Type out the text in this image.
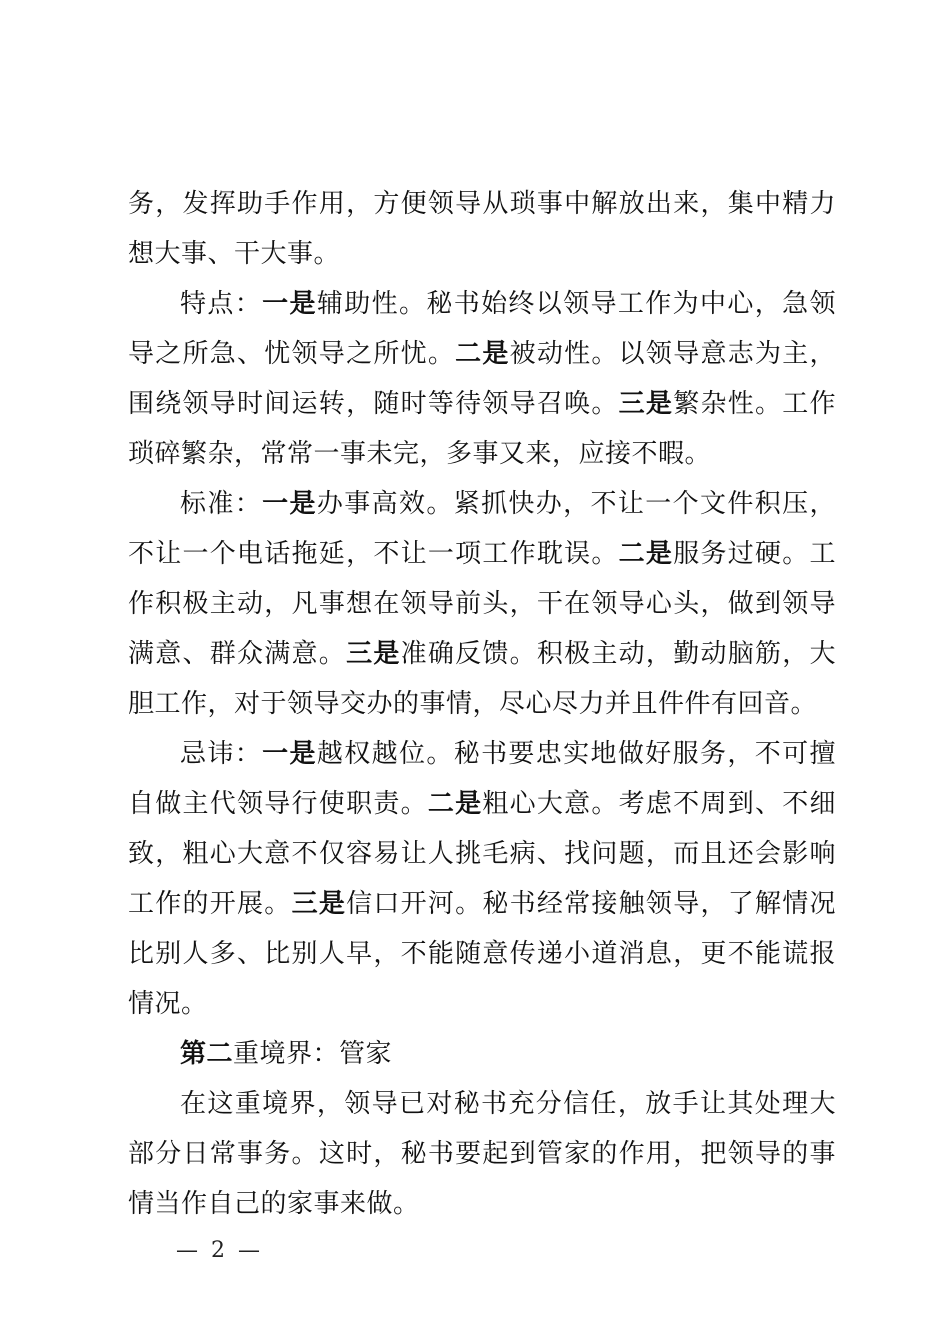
务，发挥助手作用，方便领导从琐事中解放出来，集中精力想大事、干大事。

特点：一是辅助性。秘书始终以领导工作为中心，急领导之所急、忧领导之所忧。二是被动性。以领导意志为主，围绕领导时间运转，随时等待领导召唤。三是繁杂性。工作琐碎繁杂，常常一事未完，多事又来，应接不暇。

标准：一是办事高效。紧抓快办，不让一个文件积压，不让一个电话拖延，不让一项工作耽误。二是服务过硬。工作积极主动，凡事想在领导前头，干在领导心头，做到领导满意、群众满意。三是准确反馈。积极主动，勤动脑筋，大胆工作，对于领导交办的事情，尽心尽力并且件件有回音。

忌讳：一是越权越位。秘书要忠实地做好服务，不可擅自做主代领导行使职责。二是粗心大意。考虑不周到、不细致，粗心大意不仅容易让人挑毛病、找问题，而且还会影响工作的开展。三是信口开河。秘书经常接触领导，了解情况比别人多、比别人早，不能随意传递小道消息，更不能谎报情况。

第二重境界：管家

在这重境界，领导已对秘书充分信任，放手让其处理大部分日常事务。这时，秘书要起到管家的作用，把领导的事情当作自己的家事来做。

— 2 —
